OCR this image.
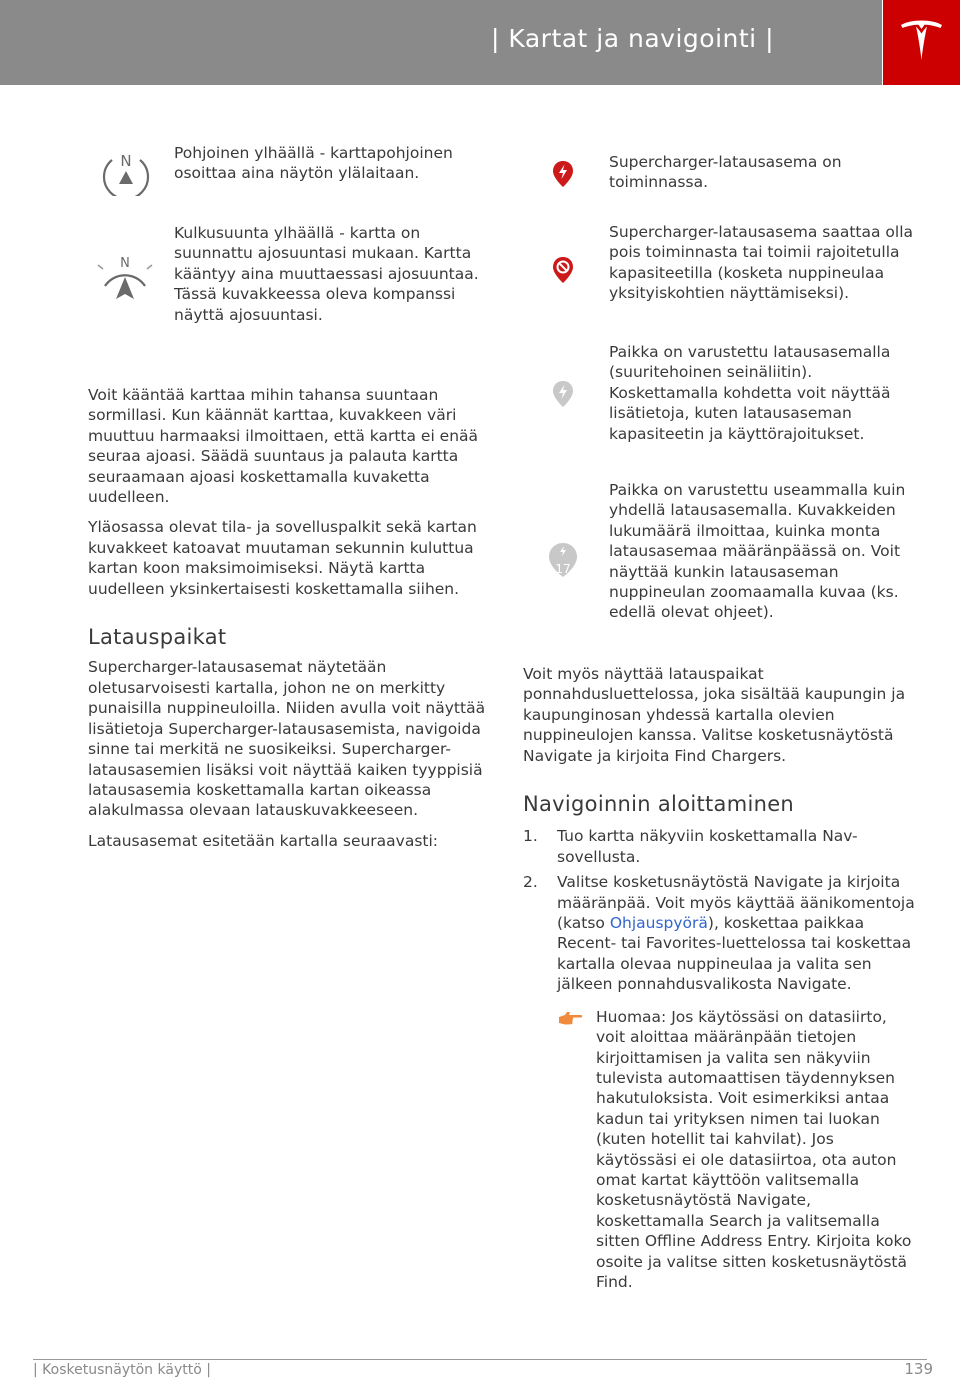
| Kartat ja navigointi |
N	Pohjoinen ylhäällä - karttapohjoinen osoittaa aina näytön ylälaitaan.
N
Kulkusuunta ylhäällä - kartta on suunnattu ajosuuntasi mukaan. Kartta kääntyy aina muuttaessasi ajosuuntaa. Tässä kuvakkeessa oleva kompanssi näyttä ajosuuntasi.

Voit kääntää karttaa mihin tahansa suuntaan sormillasi. Kun käännät karttaa, kuvakkeen väri muuttuu harmaaksi ilmoittaen, että kartta ei enää seuraa ajoasi. Säädä suuntaus ja palauta kartta seuraamaan ajoasi koskettamalla kuvaketta uudelleen.

Yläosassa olevat tila- ja sovelluspalkit sekä kartan kuvakkeet katoavat muutaman sekunnin kuluttua kartan koon maksimoimiseksi. Näytä kartta uudelleen yksinkertaisesti koskettamalla siihen.

Latauspaikat

Supercharger-latausasemat näytetään oletusarvoisesti kartalla, johon ne on merkitty punaisilla nuppineuloilla. Niiden avulla voit näyttää lisätietoja Supercharger-latausasemista, navigoida sinne tai merkitä ne suosikeiksi. Supercharger-latausasemien lisäksi voit näyttää kaiken tyyppisiä latausasemia koskettamalla kartan oikeassa alakulmassa olevaan latauskuvakkeeseen.

Latausasemat esitetään kartalla seuraavasti:

Supercharger-latausasema on toiminnassa.
Supercharger-latausasema saattaa olla pois toiminnasta tai toimii rajoitetulla kapasiteetilla (kosketa nuppineulaa yksityiskohtien näyttämiseksi).
Paikka on varustettu latausasemalla (suuritehoinen seinäliitin). Koskettamalla kohdetta voit näyttää lisätietoja, kuten latausaseman kapasiteetin ja käyttörajoitukset.
17
Paikka on varustettu useammalla kuin yhdellä latausasemalla. Kuvakkeiden lukumäärä ilmoittaa, kuinka monta latausasemaa määränpäässä on. Voit näyttää kunkin latausaseman nuppineulan zoomaamalla kuvaa (ks. edellä olevat ohjeet).

Voit myös näyttää latauspaikat ponnahdusluettelossa, joka sisältää kaupungin ja kaupunginosan yhdessä kartalla olevien nuppineulojen kanssa. Valitse kosketusnäytöstä Navigate ja kirjoita Find Chargers.

Navigoinnin aloittaminen
1. Tuo kartta näkyviin koskettamalla Nav-sovellusta.
2. Valitse kosketusnäytöstä Navigate ja kirjoita määränpää. Voit myös käyttää äänikomentoja (katso Ohjauspyörä), koskettaa paikkaa Recent- tai Favorites-luettelossa tai koskettaa kartalla olevaa nuppineulaa ja valita sen jälkeen ponnahdusvalikosta Navigate.
Huomaa: Jos käytössäsi on datasiirto, voit aloittaa määränpään tietojen kirjoittamisen ja valita sen näkyviin tulevista automaattisen täydennyksen hakutuloksista. Voit esimerkiksi antaa kadun tai yrityksen nimen tai luokan (kuten hotellit tai kahvilat). Jos käytössäsi ei ole datasiirtoa, ota auton omat kartat käyttöön valitsemalla kosketusnäytöstä Navigate, koskettamalla Search ja valitsemalla sitten Offline Address Entry. Kirjoita koko osoite ja valitse sitten kosketusnäytöstä Find.
| Kosketusnäytön käyttö |	139
